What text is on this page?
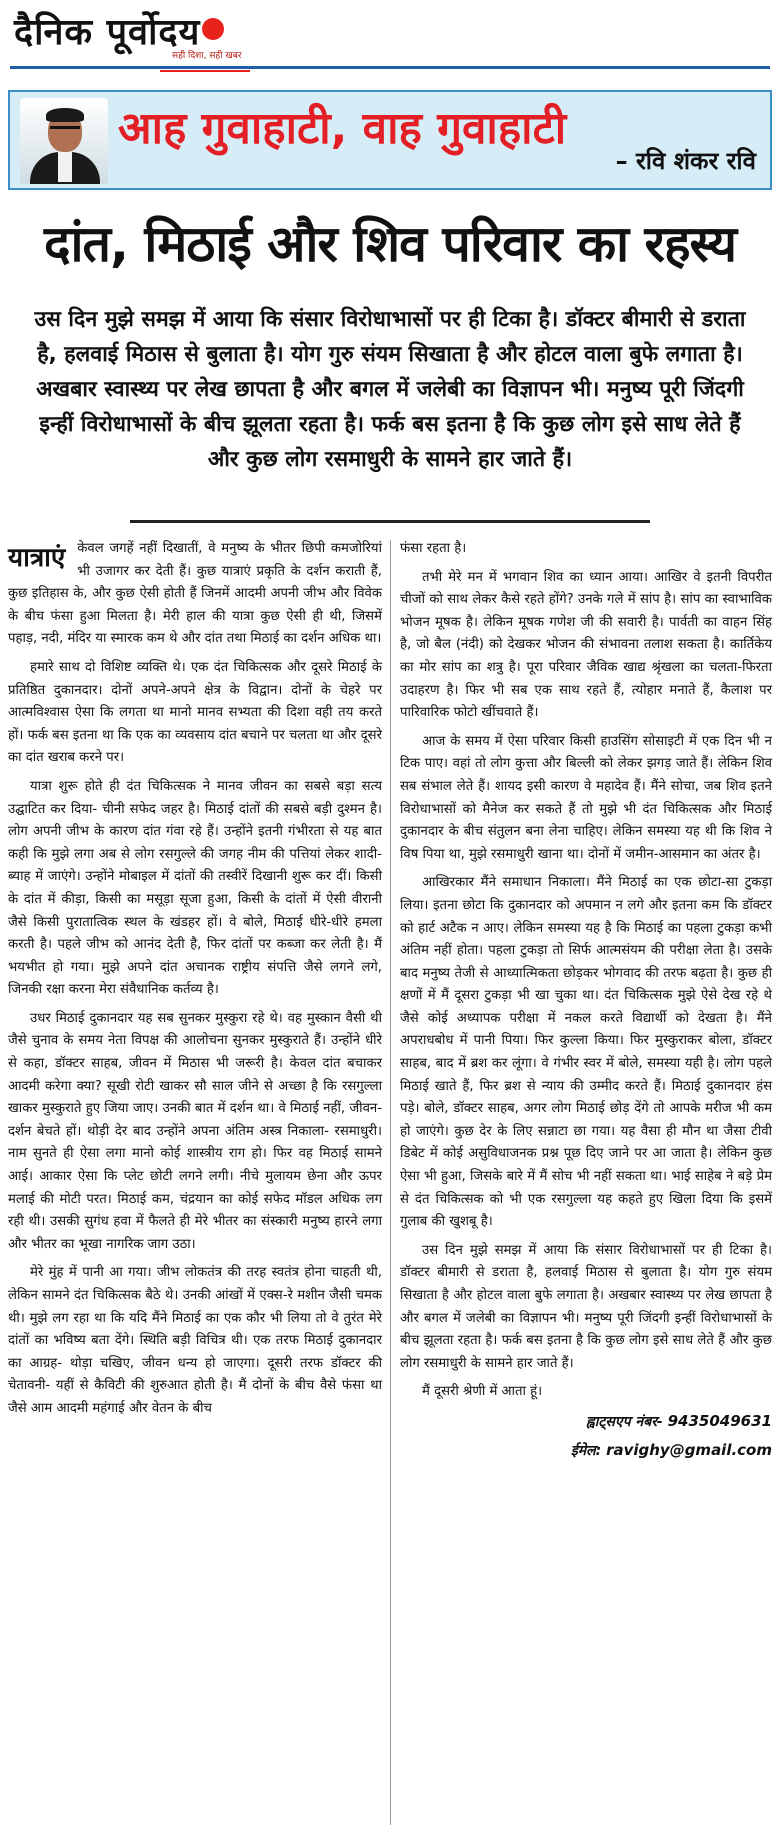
दैनिक पूर्वोदय
सही दिशा, सही खबर
आह गुवाहाटी, वाह गुवाहाटी
– रवि शंकर रवि
दांत, मिठाई और शिव परिवार का रहस्य
उस दिन मुझे समझ में आया कि संसार विरोधाभासों पर ही टिका है। डॉक्टर बीमारी से डराता है, हलवाई मिठास से बुलाता है। योग गुरु संयम सिखाता है और होटल वाला बुफे लगाता है। अखबार स्वास्थ्य पर लेख छापता है और बगल में जलेबी का विज्ञापन भी। मनुष्य पूरी जिंदगी इन्हीं विरोधाभासों के बीच झूलता रहता है। फर्क बस इतना है कि कुछ लोग इसे साध लेते हैं और कुछ लोग रसमाधुरी के सामने हार जाते हैं।

यात्राएं केवल जगहें नहीं दिखातीं, वे मनुष्य के भीतर छिपी कमजोरियां भी उजागर कर देती हैं। कुछ यात्राएं प्रकृति के दर्शन कराती हैं, कुछ इतिहास के, और कुछ ऐसी होती हैं जिनमें आदमी अपनी जीभ और विवेक के बीच फंसा हुआ मिलता है। मेरी हाल की यात्रा कुछ ऐसी ही थी, जिसमें पहाड़, नदी, मंदिर या स्मारक कम थे और दांत तथा मिठाई का दर्शन अधिक था।

हमारे साथ दो विशिष्ट व्यक्ति थे। एक दंत चिकित्सक और दूसरे मिठाई के प्रतिष्ठित दुकानदार। दोनों अपने-अपने क्षेत्र के विद्वान। दोनों के चेहरे पर आत्मविश्वास ऐसा कि लगता था मानो मानव सभ्यता की दिशा वही तय करते हों। फर्क बस इतना था कि एक का व्यवसाय दांत बचाने पर चलता था और दूसरे का दांत खराब करने पर।

यात्रा शुरू होते ही दंत चिकित्सक ने मानव जीवन का सबसे बड़ा सत्य उद्घाटित कर दिया- चीनी सफेद जहर है। मिठाई दांतों की सबसे बड़ी दुश्मन है। लोग अपनी जीभ के कारण दांत गंवा रहे हैं। उन्होंने इतनी गंभीरता से यह बात कही कि मुझे लगा अब से लोग रसगुल्ले की जगह नीम की पत्तियां लेकर शादी-ब्याह में जाएंगे। उन्होंने मोबाइल में दांतों की तस्वीरें दिखानी शुरू कर दीं। किसी के दांत में कीड़ा, किसी का मसूड़ा सूजा हुआ, किसी के दांतों में ऐसी वीरानी जैसे किसी पुरातात्विक स्थल के खंडहर हों। वे बोले, मिठाई धीरे-धीरे हमला करती है। पहले जीभ को आनंद देती है, फिर दांतों पर कब्जा कर लेती है। मैं भयभीत हो गया। मुझे अपने दांत अचानक राष्ट्रीय संपत्ति जैसे लगने लगे, जिनकी रक्षा करना मेरा संवैधानिक कर्तव्य है।

उधर मिठाई दुकानदार यह सब सुनकर मुस्कुरा रहे थे। वह मुस्कान वैसी थी जैसे चुनाव के समय नेता विपक्ष की आलोचना सुनकर मुस्कुराते हैं। उन्होंने धीरे से कहा, डॉक्टर साहब, जीवन में मिठास भी जरूरी है। केवल दांत बचाकर आदमी करेगा क्या? सूखी रोटी खाकर सौ साल जीने से अच्छा है कि रसगुल्ला खाकर मुस्कुराते हुए जिया जाए। उनकी बात में दर्शन था। वे मिठाई नहीं, जीवन-दर्शन बेचते हों। थोड़ी देर बाद उन्होंने अपना अंतिम अस्त्र निकाला- रसमाधुरी। नाम सुनते ही ऐसा लगा मानो कोई शास्त्रीय राग हो। फिर वह मिठाई सामने आई। आकार ऐसा कि प्लेट छोटी लगने लगी। नीचे मुलायम छेना और ऊपर मलाई की मोटी परत। मिठाई कम, चंद्रयान का कोई सफेद मॉडल अधिक लग रही थी। उसकी सुगंध हवा में फैलते ही मेरे भीतर का संस्कारी मनुष्य हारने लगा और भीतर का भूखा नागरिक जाग उठा।

मेरे मुंह में पानी आ गया। जीभ लोकतंत्र की तरह स्वतंत्र होना चाहती थी, लेकिन सामने दंत चिकित्सक बैठे थे। उनकी आंखों में एक्स-रे मशीन जैसी चमक थी। मुझे लग रहा था कि यदि मैंने मिठाई का एक कौर भी लिया तो वे तुरंत मेरे दांतों का भविष्य बता देंगे। स्थिति बड़ी विचित्र थी। एक तरफ मिठाई दुकानदार का आग्रह- थोड़ा चखिए, जीवन धन्य हो जाएगा। दूसरी तरफ डॉक्टर की चेतावनी- यहीं से कैविटी की शुरुआत होती है। मैं दोनों के बीच वैसे फंसा था जैसे आम आदमी महंगाई और वेतन के बीच

फंसा रहता है।

तभी मेरे मन में भगवान शिव का ध्यान आया। आखिर वे इतनी विपरीत चीजों को साथ लेकर कैसे रहते होंगे? उनके गले में सांप है। सांप का स्वाभाविक भोजन मूषक है। लेकिन मूषक गणेश जी की सवारी है। पार्वती का वाहन सिंह है, जो बैल (नंदी) को देखकर भोजन की संभावना तलाश सकता है। कार्तिकेय का मोर सांप का शत्रु है। पूरा परिवार जैविक खाद्य श्रृंखला का चलता-फिरता उदाहरण है। फिर भी सब एक साथ रहते हैं, त्योहार मनाते हैं, कैलाश पर पारिवारिक फोटो खींचवाते हैं।

आज के समय में ऐसा परिवार किसी हाउसिंग सोसाइटी में एक दिन भी न टिक पाए। वहां तो लोग कुत्ता और बिल्ली को लेकर झगड़ जाते हैं। लेकिन शिव सब संभाल लेते हैं। शायद इसी कारण वे महादेव हैं। मैंने सोचा, जब शिव इतने विरोधाभासों को मैनेज कर सकते हैं तो मुझे भी दंत चिकित्सक और मिठाई दुकानदार के बीच संतुलन बना लेना चाहिए। लेकिन समस्या यह थी कि शिव ने विष पिया था, मुझे रसमाधुरी खाना था। दोनों में जमीन-आसमान का अंतर है।

आखिरकार मैंने समाधान निकाला। मैंने मिठाई का एक छोटा-सा टुकड़ा लिया। इतना छोटा कि दुकानदार को अपमान न लगे और इतना कम कि डॉक्टर को हार्ट अटैक न आए। लेकिन समस्या यह है कि मिठाई का पहला टुकड़ा कभी अंतिम नहीं होता। पहला टुकड़ा तो सिर्फ आत्मसंयम की परीक्षा लेता है। उसके बाद मनुष्य तेजी से आध्यात्मिकता छोड़कर भोगवाद की तरफ बढ़ता है। कुछ ही क्षणों में मैं दूसरा टुकड़ा भी खा चुका था। दंत चिकित्सक मुझे ऐसे देख रहे थे जैसे कोई अध्यापक परीक्षा में नकल करते विद्यार्थी को देखता है। मैंने अपराधबोध में पानी पिया। फिर कुल्ला किया। फिर मुस्कुराकर बोला, डॉक्टर साहब, बाद में ब्रश कर लूंगा। वे गंभीर स्वर में बोले, समस्या यही है। लोग पहले मिठाई खाते हैं, फिर ब्रश से न्याय की उम्मीद करते हैं। मिठाई दुकानदार हंस पड़े। बोले, डॉक्टर साहब, अगर लोग मिठाई छोड़ देंगे तो आपके मरीज भी कम हो जाएंगे। कुछ देर के लिए सन्नाटा छा गया। यह वैसा ही मौन था जैसा टीवी डिबेट में कोई असुविधाजनक प्रश्न पूछ दिए जाने पर आ जाता है। लेकिन कुछ ऐसा भी हुआ, जिसके बारे में मैं सोच भी नहीं सकता था। भाई साहेब ने बड़े प्रेम से दंत चिकित्सक को भी एक रसगुल्ला यह कहते हुए खिला दिया कि इसमें गुलाब की खुशबू है।

उस दिन मुझे समझ में आया कि संसार विरोधाभासों पर ही टिका है। डॉक्टर बीमारी से डराता है, हलवाई मिठास से बुलाता है। योग गुरु संयम सिखाता है और होटल वाला बुफे लगाता है। अखबार स्वास्थ्य पर लेख छापता है और बगल में जलेबी का विज्ञापन भी। मनुष्य पूरी जिंदगी इन्हीं विरोधाभासों के बीच झूलता रहता है। फर्क बस इतना है कि कुछ लोग इसे साध लेते हैं और कुछ लोग रसमाधुरी के सामने हार जाते हैं।

मैं दूसरी श्रेणी में आता हूं।

ह्वाट्सएप नंबर- 9435049631

ईमेल: ravighy@gmail.com
